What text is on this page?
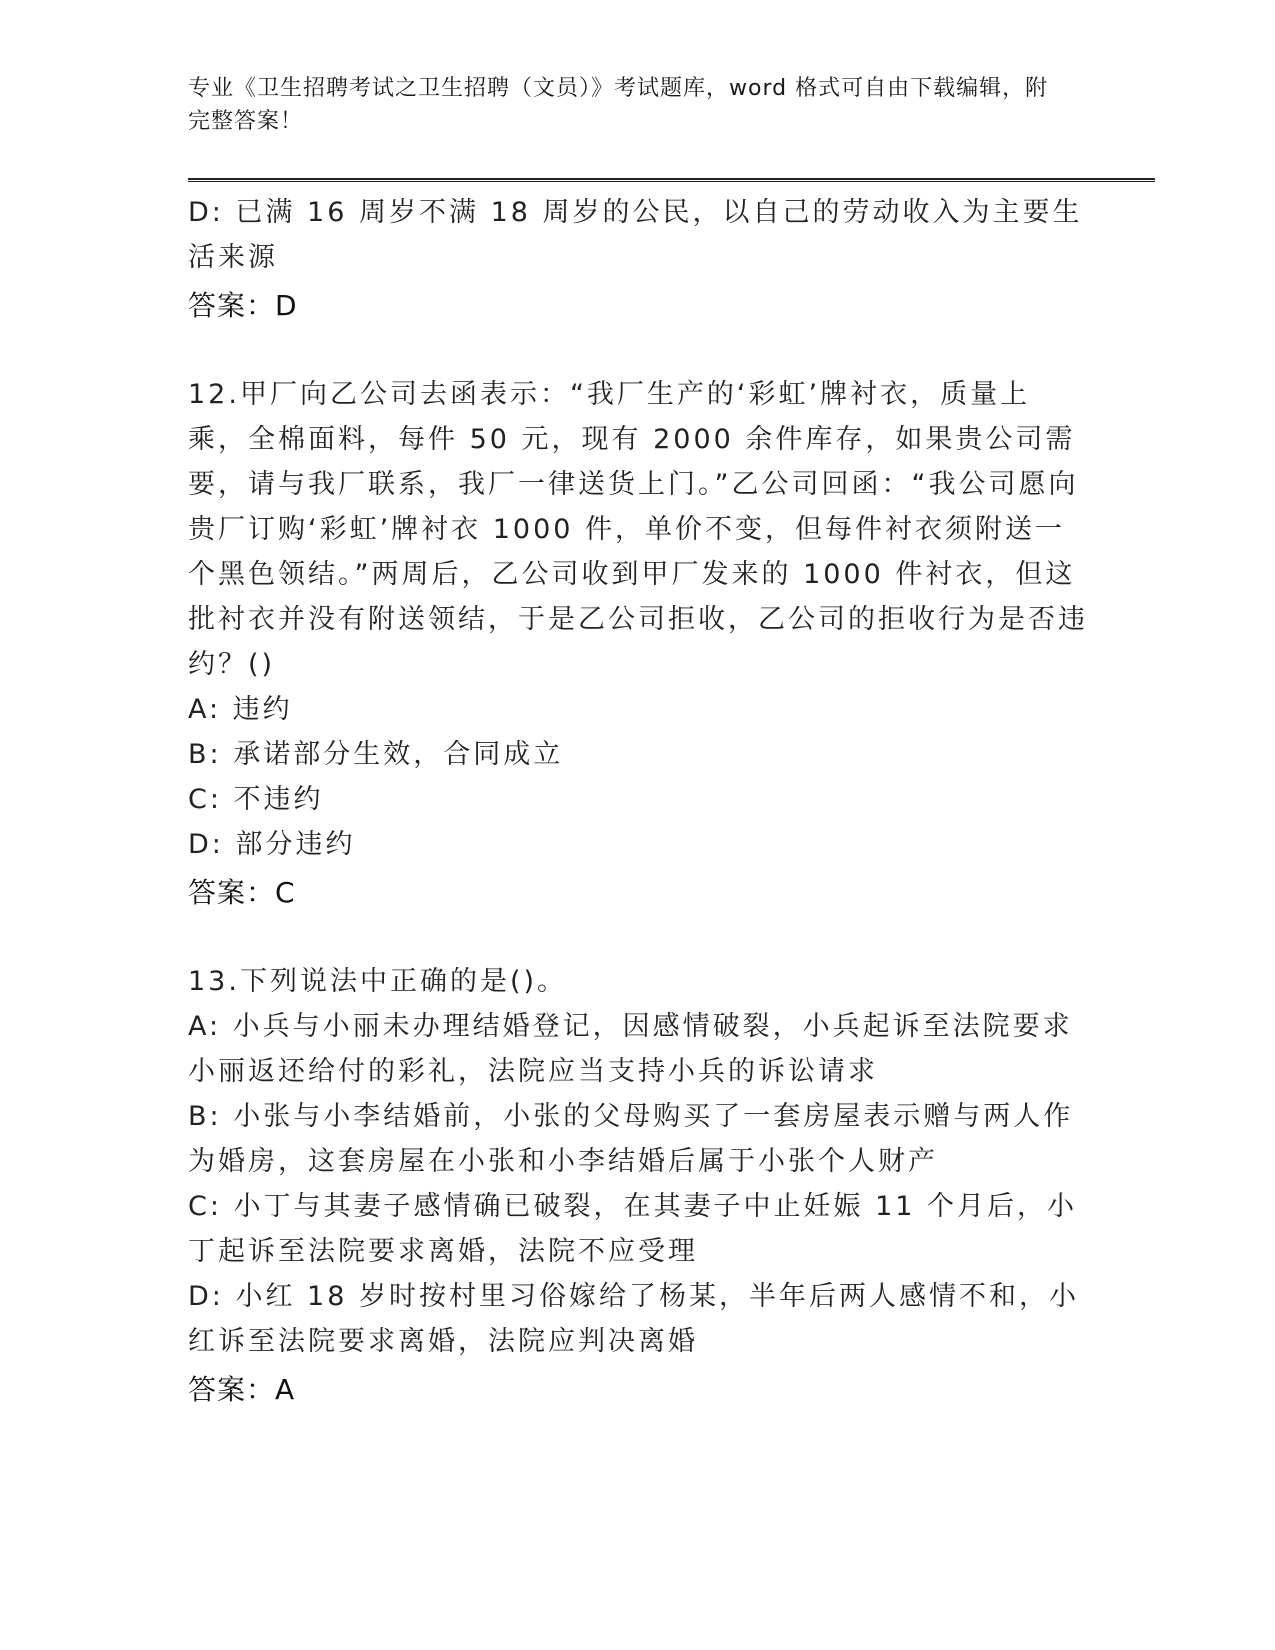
专业《卫生招聘考试之卫生招聘（文员）》考试题库，word 格式可自由下载编辑，附完整答案！
D: 已满 16 周岁不满 18 周岁的公民，以自己的劳动收入为主要生活来源
答案：D
12.甲厂向乙公司去函表示：“我厂生产的‘彩虹’牌衬衣，质量上乘，全棉面料，每件 50 元，现有 2000 余件库存，如果贵公司需要，请与我厂联系，我厂一律送货上门。”乙公司回函：“我公司愿向贵厂订购‘彩虹’牌衬衣 1000 件，单价不变，但每件衬衣须附送一个黑色领结。”两周后，乙公司收到甲厂发来的 1000 件衬衣，但这批衬衣并没有附送领结，于是乙公司拒收，乙公司的拒收行为是否违约？()
A: 违约
B: 承诺部分生效，合同成立
C: 不违约
D: 部分违约
答案：C
13.下列说法中正确的是()。
A: 小兵与小丽未办理结婚登记，因感情破裂，小兵起诉至法院要求小丽返还给付的彩礼，法院应当支持小兵的诉讼请求
B: 小张与小李结婚前，小张的父母购买了一套房屋表示赠与两人作为婚房，这套房屋在小张和小李结婚后属于小张个人财产
C: 小丁与其妻子感情确已破裂，在其妻子中止妊娠 11 个月后，小丁起诉至法院要求离婚，法院不应受理
D: 小红 18 岁时按村里习俗嫁给了杨某，半年后两人感情不和，小红诉至法院要求离婚，法院应判决离婚
答案：A
